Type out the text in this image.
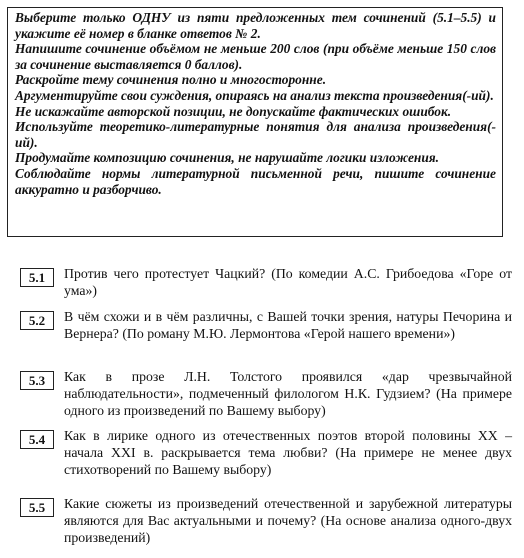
Выберите только ОДНУ из пяти предложенных тем сочинений (5.1–5.5) и укажите её номер в бланке ответов № 2.

Напишите сочинение объёмом не меньше 200 слов (при объёме меньше 150 слов за сочинение выставляется 0 баллов).

Раскройте тему сочинения полно и многосторонне.

Аргументируйте свои суждения, опираясь на анализ текста произведения(-ий).

Не искажайте авторской позиции, не допускайте фактических ошибок.

Используйте теоретико-литературные понятия для анализа произведения(-ий).

Продумайте композицию сочинения, не нарушайте логики изложения.

Соблюдайте нормы литературной письменной речи, пишите сочинение аккуратно и разборчиво.

5.1	Против чего протестует Чацкий? (По комедии А.С. Грибоедова «Горе от ума»)
5.2	В чём схожи и в чём различны, с Вашей точки зрения, натуры Печорина и Вернера? (По роману М.Ю. Лермонтова «Герой нашего времени»)
5.3	Как в прозе Л.Н. Толстого проявился «дар чрезвычайной наблюдательности», подмеченный филологом Н.К. Гудзием? (На примере одного из произведений по Вашему выбору)
5.4	Как в лирике одного из отечественных поэтов второй половины XX – начала XXI в. раскрывается тема любви? (На примере не менее двух стихотворений по Вашему выбору)
5.5	Какие сюжеты из произведений отечественной и зарубежной литературы являются для Вас актуальными и почему? (На основе анализа одного-двух произведений)
